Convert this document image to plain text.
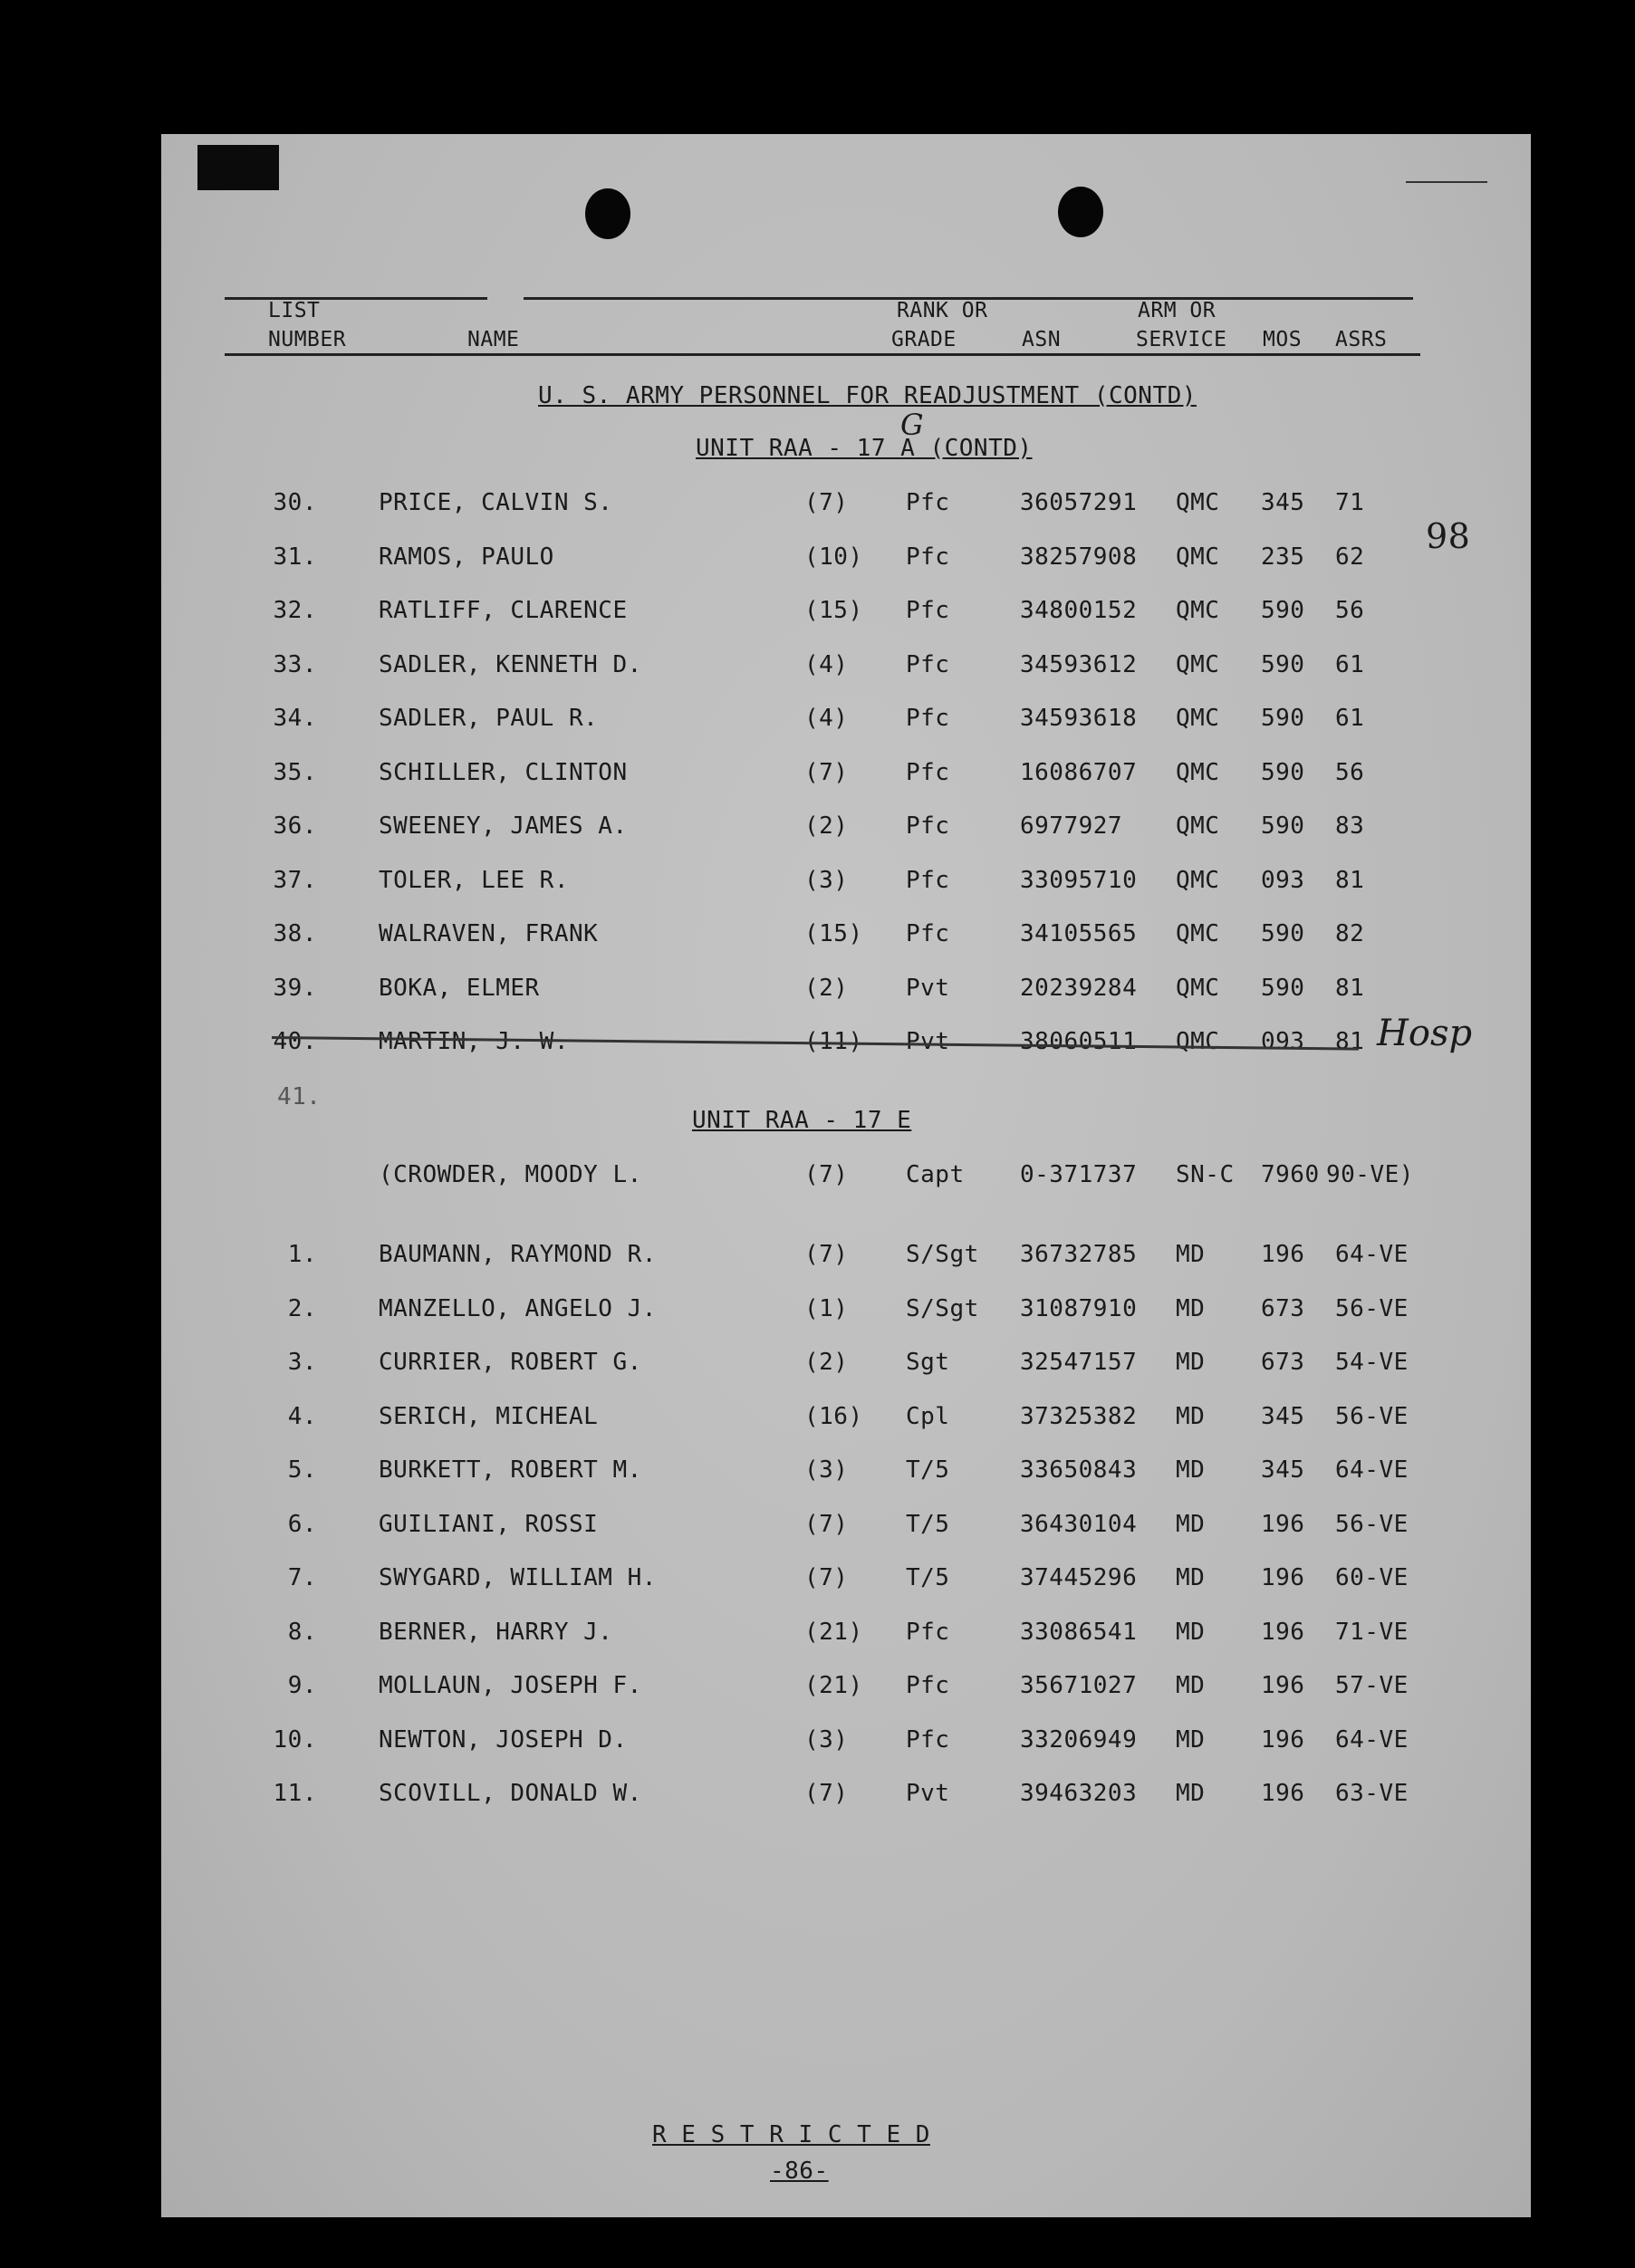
98
LIST
NUMBER	NAME
RANK OR
GRADE	ASN
ARM OR
SERVICE MOS ASRS
U. S. ARMY PERSONNEL FOR READJUSTMENT (CONTD)
UNIT RAA - 17 A (CONTD)
G
30.	PRICE, CALVIN S.	(7) Pfc	36057291 QMC 345 71
31.	RAMOS, PAULO	(10) Pfc	38257908 QMC 235 62
32.	RATLIFF, CLARENCE	(15) Pfc	34800152 QMC 590 56
33.	SADLER, KENNETH D.	(4) Pfc	34593612 QMC 590 61
34.	SADLER, PAUL R.	(4) Pfc	34593618 QMC 590 61
35.	SCHILLER, CLINTON	(7) Pfc	16086707 QMC 590 56
36.	SWEENEY, JAMES A.	(2) Pfc	6977927 QMC 590 83
37.	TOLER, LEE R.	(3) Pfc	33095710 QMC 093 81
38.	WALRAVEN, FRANK	(15) Pfc	34105565 QMC 590 82
39.	BOKA, ELMER	(2) Pvt	20239284 QMC 590 81
40.	MARTIN, J. W.	(11) Pvt	38060511 QMC 093 81 Hosp
41.
UNIT RAA - 17 E
(CROWDER, MOODY L.	(7) Capt 0-371737 SN-C 7960 90-VE)
1.	BAUMANN, RAYMOND R.	(7) S/Sgt 36732785 MD 196 64-VE
2.	MANZELLO, ANGELO J.	(1) S/Sgt 31087910 MD 673 56-VE
3.	CURRIER, ROBERT G.	(2) Sgt	32547157 MD 673 54-VE
4.	SERICH, MICHEAL	(16) Cpl	37325382 MD 345 56-VE
5.	BURKETT, ROBERT M.	(3) T/5	33650843 MD 345 64-VE
6.	GUILIANI, ROSSI	(7) T/5	36430104 MD 196 56-VE
7.	SWYGARD, WILLIAM H.	(7) T/5	37445296 MD 196 60-VE
8.	BERNER, HARRY J.	(21) Pfc	33086541 MD 196 71-VE
9.	MOLLAUN, JOSEPH F.	(21) Pfc	35671027 MD 196 57-VE
10.	NEWTON, JOSEPH D.	(3) Pfc	33206949 MD 196 64-VE
11.	SCOVILL, DONALD W.	(7) Pvt	39463203 MD 196 63-VE
R E S T R I C T E D
-86-
